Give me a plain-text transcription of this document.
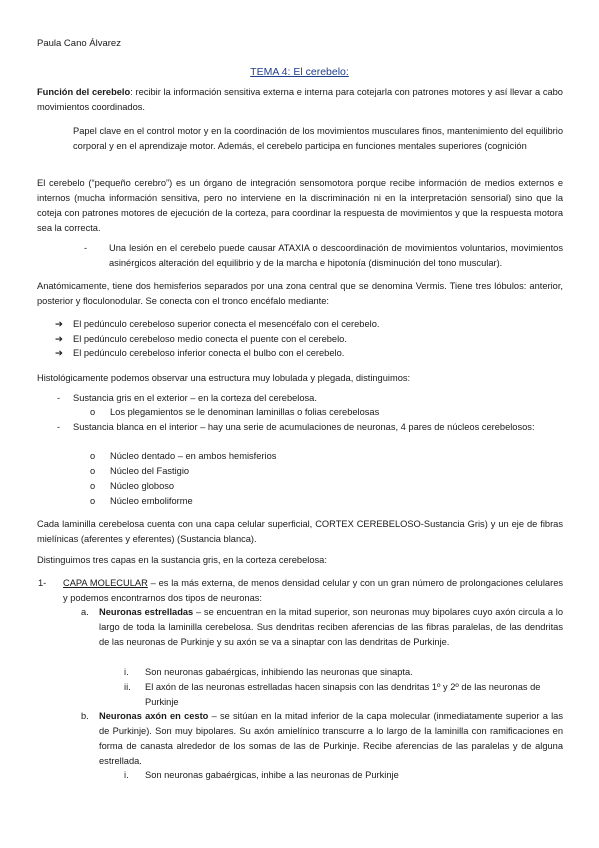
Paula Cano Álvarez
TEMA 4: El cerebelo:

Función del cerebelo: recibir la información sensitiva externa e interna para cotejarla con patrones motores y así llevar a cabo movimientos coordinados.

Papel clave en el control motor y en la coordinación de los movimientos musculares finos, mantenimiento del equilibrio corporal y en el aprendizaje motor. Además, el cerebelo participa en funciones mentales superiores (cognición

El cerebelo (“pequeño cerebro”) es un órgano de integración sensomotora porque recibe información de medios externos e internos (mucha información sensitiva, pero no interviene en la discriminación ni en la interpretación sensorial) sino que la coteja con patrones motores de ejecución de la corteza, para coordinar la respuesta de movimientos y que la respuesta motora sea la correcta.

- Una lesión en el cerebelo puede causar ATAXIA o descoordinación de movimientos voluntarios, movimientos asinérgicos alteración del equilibrio y de la marcha e hipotonía (disminución del tono muscular).

Anatómicamente, tiene dos hemisferios separados por una zona central que se denomina Vermis. Tiene tres lóbulos: anterior, posterior y floculonodular. Se conecta con el tronco encéfalo mediante:

➔ El pedúnculo cerebeloso superior conecta el mesencéfalo con el cerebelo.
➔ El pedúnculo cerebeloso medio conecta el puente con el cerebelo.
➔ El pedúnculo cerebeloso inferior conecta el bulbo con el cerebelo.

Histológicamente podemos observar una estructura muy lobulada y plegada, distinguimos:

- Sustancia gris en el exterior – en la corteza del cerebelosa.
o Los plegamientos se le denominan laminillas o folias cerebelosas
- Sustancia blanca en el interior – hay una serie de acumulaciones de neuronas, 4 pares de núcleos cerebelosos:
o Núcleo dentado – en ambos hemisferios
o Núcleo del Fastigio
o Núcleo globoso
o Núcleo emboliforme

Cada laminilla cerebelosa cuenta con una capa celular superficial, CORTEX CEREBELOSO-Sustancia Gris) y un eje de fibras mielínicas (aferentes y eferentes) (Sustancia blanca).

Distinguimos tres capas en la sustancia gris, en la corteza cerebelosa:

1- CAPA MOLECULAR – es la más externa, de menos densidad celular y con un gran número de prolongaciones celulares y podemos encontrarnos dos tipos de neuronas:
a. Neuronas estrelladas – se encuentran en la mitad superior, son neuronas muy bipolares cuyo axón circula a lo largo de toda la laminilla cerebelosa. Sus dendritas reciben aferencias de las fibras paralelas, de las dendritas de las neuronas de Purkinje y su axón se va a sinaptar con las dendritas de Purkinje.
i. Son neuronas gabaérgicas, inhibiendo las neuronas que sinapta.
ii. El axón de las neuronas estrelladas hacen sinapsis con las dendritas 1º y 2º de las neuronas de Purkinje
b. Neuronas axón en cesto – se sitúan en la mitad inferior de la capa molecular (inmediatamente superior a las de Purkinje). Son muy bipolares. Su axón amielínico transcurre a lo largo de la laminilla con ramificaciones en forma de canasta alrededor de los somas de las de Purkinje. Recibe aferencias de las paralelas y de alguna estrellada.
i. Son neuronas gabaérgicas, inhibe a las neuronas de Purkinje
